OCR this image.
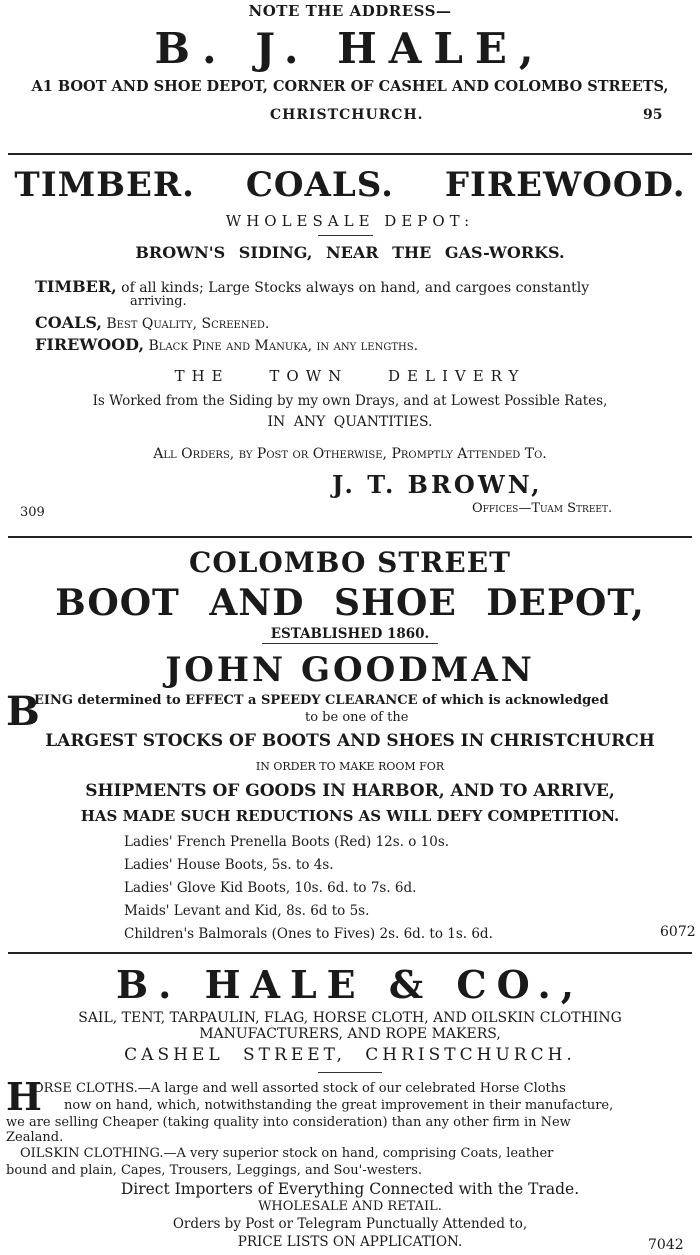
NOTE THE ADDRESS—
B. J. HALE,
A1 BOOT AND SHOE DEPOT, CORNER OF CASHEL AND COLOMBO STREETS,
CHRISTCHURCH.	95
TIMBER. COALS. FIREWOOD.
WHOLESALE DEPOT:
BROWN'S SIDING, NEAR THE GAS-WORKS.
TIMBER, of all kinds; Large Stocks always on hand, and cargoes constantly
arriving.
COALS, Best Quality, Screened.
FIREWOOD, Black Pine and Manuka, in any lengths.
THE TOWN DELIVERY
Is Worked from the Siding by my own Drays, and at Lowest Possible Rates,
IN ANY QUANTITIES.
All Orders, by Post or Otherwise, Promptly Attended To.
J. T. BROWN,
309	Offices—Tuam Street.
COLOMBO STREET
BOOT AND SHOE DEPOT,
ESTABLISHED 1860.
JOHN GOODMAN
B
EING determined to EFFECT a SPEEDY CLEARANCE of which is acknowledged
to be one of the
LARGEST STOCKS OF BOOTS AND SHOES IN CHRISTCHURCH
IN ORDER TO MAKE ROOM FOR
SHIPMENTS OF GOODS IN HARBOR, AND TO ARRIVE,
HAS MADE SUCH REDUCTIONS AS WILL DEFY COMPETITION.
Ladies' French Prenella Boots (Red) 12s. o 10s.
Ladies' House Boots, 5s. to 4s.
Ladies' Glove Kid Boots, 10s. 6d. to 7s. 6d.
Maids' Levant and Kid, 8s. 6d to 5s.
Children's Balmorals (Ones to Fives) 2s. 6d. to 1s. 6d.	6072
B. HALE & CO.,
SAIL, TENT, TARPAULIN, FLAG, HORSE CLOTH, AND OILSKIN CLOTHING
MANUFACTURERS, AND ROPE MAKERS,
CASHEL STREET, CHRISTCHURCH.
H
ORSE CLOTHS.—A large and well assorted stock of our celebrated Horse Cloths
now on hand, which, notwithstanding the great improvement in their manufacture,
we are selling Cheaper (taking quality into consideration) than any other firm in New
Zealand.
OILSKIN CLOTHING.—A very superior stock on hand, comprising Coats, leather
bound and plain, Capes, Trousers, Leggings, and Sou'-westers.
Direct Importers of Everything Connected with the Trade.
WHOLESALE AND RETAIL.
Orders by Post or Telegram Punctually Attended to,
PRICE LISTS ON APPLICATION.	7042
